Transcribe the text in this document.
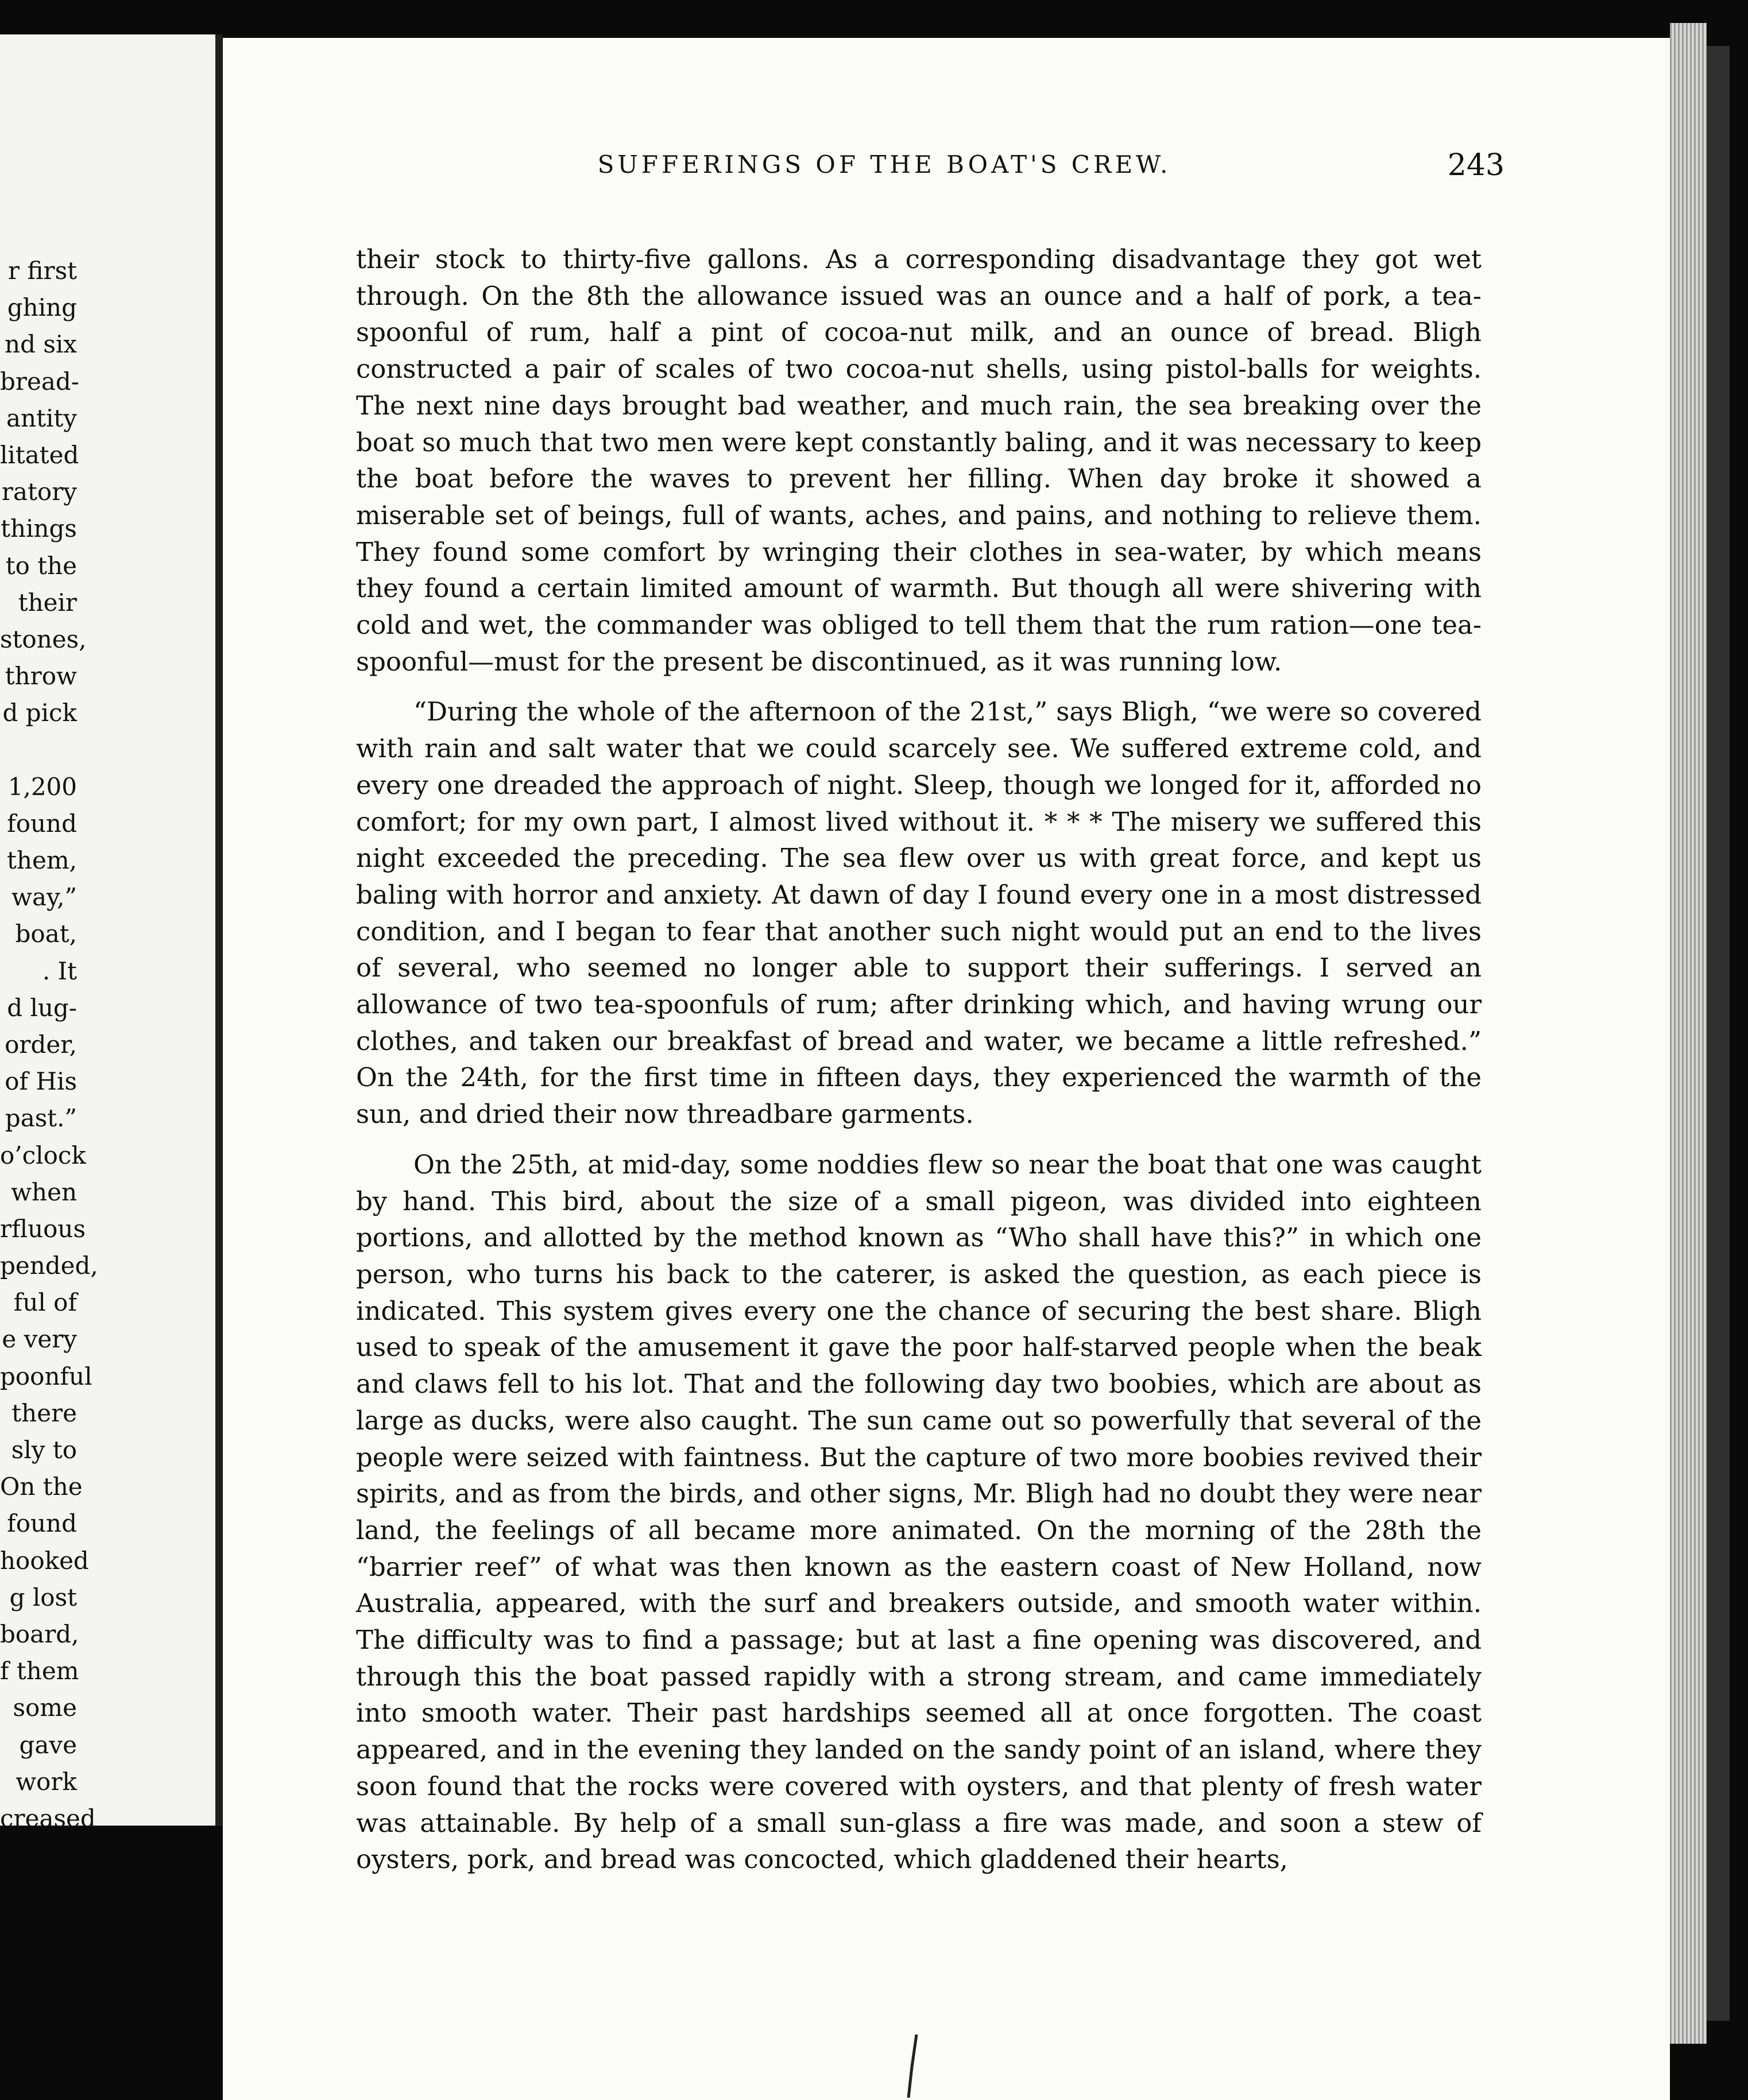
r first
ghing
nd six
bread-
antity
litated
ratory
things
to the
their
stones,
throw
d pick
1,200
found
them,
way,”
boat,
. It
d lug-
order,
of His
past.”
o’clock
when
rfluous
pended,
ful of
e very
poonful
there
sly to
On the
found
hooked
g lost
board,
f them
some
gave
work
creased
SUFFERINGS OF THE BOAT'S CREW.	243

their stock to thirty-five gallons. As a corresponding disadvantage they got wet through. On the 8th the allowance issued was an ounce and a half of pork, a tea-spoonful of rum, half a pint of cocoa-nut milk, and an ounce of bread. Bligh constructed a pair of scales of two cocoa-nut shells, using pistol-balls for weights. The next nine days brought bad weather, and much rain, the sea breaking over the boat so much that two men were kept constantly baling, and it was necessary to keep the boat before the waves to prevent her filling. When day broke it showed a miserable set of beings, full of wants, aches, and pains, and nothing to relieve them. They found some comfort by wringing their clothes in sea-water, by which means they found a certain limited amount of warmth. But though all were shivering with cold and wet, the commander was obliged to tell them that the rum ration—one tea-spoonful—must for the present be discontinued, as it was running low.

“During the whole of the afternoon of the 21st,” says Bligh, “we were so covered with rain and salt water that we could scarcely see. We suffered extreme cold, and every one dreaded the approach of night. Sleep, though we longed for it, afforded no comfort; for my own part, I almost lived without it. * * * The misery we suffered this night exceeded the preceding. The sea flew over us with great force, and kept us baling with horror and anxiety. At dawn of day I found every one in a most distressed condition, and I began to fear that another such night would put an end to the lives of several, who seemed no longer able to support their sufferings. I served an allowance of two tea-spoonfuls of rum; after drinking which, and having wrung our clothes, and taken our breakfast of bread and water, we became a little refreshed.” On the 24th, for the first time in fifteen days, they experienced the warmth of the sun, and dried their now threadbare garments.

On the 25th, at mid-day, some noddies flew so near the boat that one was caught by hand. This bird, about the size of a small pigeon, was divided into eighteen portions, and allotted by the method known as “Who shall have this?” in which one person, who turns his back to the caterer, is asked the question, as each piece is indicated. This system gives every one the chance of securing the best share. Bligh used to speak of the amusement it gave the poor half-starved people when the beak and claws fell to his lot. That and the following day two boobies, which are about as large as ducks, were also caught. The sun came out so powerfully that several of the people were seized with faintness. But the capture of two more boobies revived their spirits, and as from the birds, and other signs, Mr. Bligh had no doubt they were near land, the feelings of all became more animated. On the morning of the 28th the “barrier reef” of what was then known as the eastern coast of New Holland, now Australia, appeared, with the surf and breakers outside, and smooth water within. The difficulty was to find a passage; but at last a fine opening was discovered, and through this the boat passed rapidly with a strong stream, and came immediately into smooth water. Their past hardships seemed all at once forgotten. The coast appeared, and in the evening they landed on the sandy point of an island, where they soon found that the rocks were covered with oysters, and that plenty of fresh water was attainable. By help of a small sun-glass a fire was made, and soon a stew of oysters, pork, and bread was concocted, which gladdened their hearts,
